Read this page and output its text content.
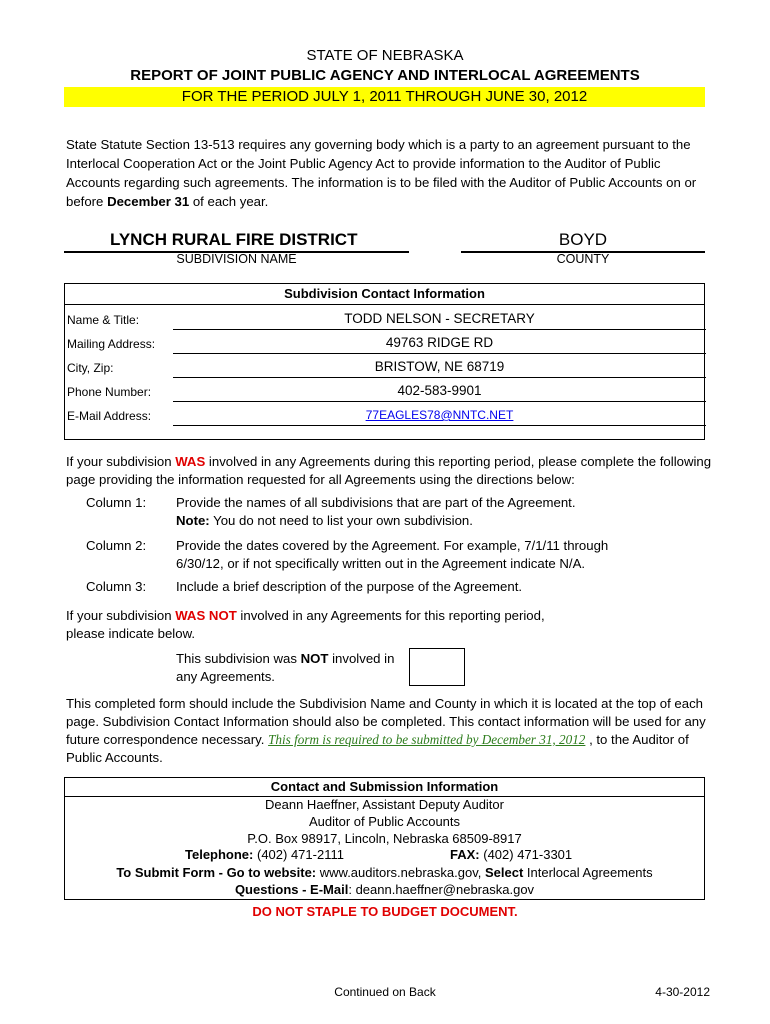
STATE OF NEBRASKA
REPORT OF JOINT PUBLIC AGENCY AND INTERLOCAL AGREEMENTS
FOR THE PERIOD JULY 1, 2011 THROUGH JUNE 30, 2012
State Statute Section 13-513 requires any governing body which is a party to an agreement pursuant to the Interlocal Cooperation Act or the Joint Public Agency Act to provide information to the Auditor of Public Accounts regarding such agreements. The information is to be filed with the Auditor of Public Accounts on or before December 31 of each year.
LYNCH RURAL FIRE DISTRICT	BOYD
SUBDIVISION NAME	COUNTY
Subdivision Contact Information
Name & Title:	TODD NELSON - SECRETARY
Mailing Address:	49763 RIDGE RD
City, Zip:	BRISTOW, NE 68719
Phone Number:	402-583-9901
E-Mail Address:	77EAGLES78@NNTC.NET
If your subdivision WAS involved in any Agreements during this reporting period, please complete the following page providing the information requested for all Agreements using the directions below:
Column 1: Provide the names of all subdivisions that are part of the Agreement.
Note: You do not need to list your own subdivision.
Column 2: Provide the dates covered by the Agreement. For example, 7/1/11 through 6/30/12, or if not specifically written out in the Agreement indicate N/A.
Column 3: Include a brief description of the purpose of the Agreement.
If your subdivision WAS NOT involved in any Agreements for this reporting period, please indicate below.
This subdivision was NOT involved in any Agreements.
This completed form should include the Subdivision Name and County in which it is located at the top of each page. Subdivision Contact Information should also be completed. This contact information will be used for any future correspondence necessary. This form is required to be submitted by December 31, 2012 , to the Auditor of Public Accounts.
Contact and Submission Information
Deann Haeffner, Assistant Deputy Auditor
Auditor of Public Accounts
P.O. Box 98917, Lincoln, Nebraska 68509-8917
Telephone: (402) 471-2111	FAX: (402) 471-3301
To Submit Form - Go to website: www.auditors.nebraska.gov, Select Interlocal Agreements
Questions - E-Mail: deann.haeffner@nebraska.gov
DO NOT STAPLE TO BUDGET DOCUMENT.
Continued on Back	4-30-2012
